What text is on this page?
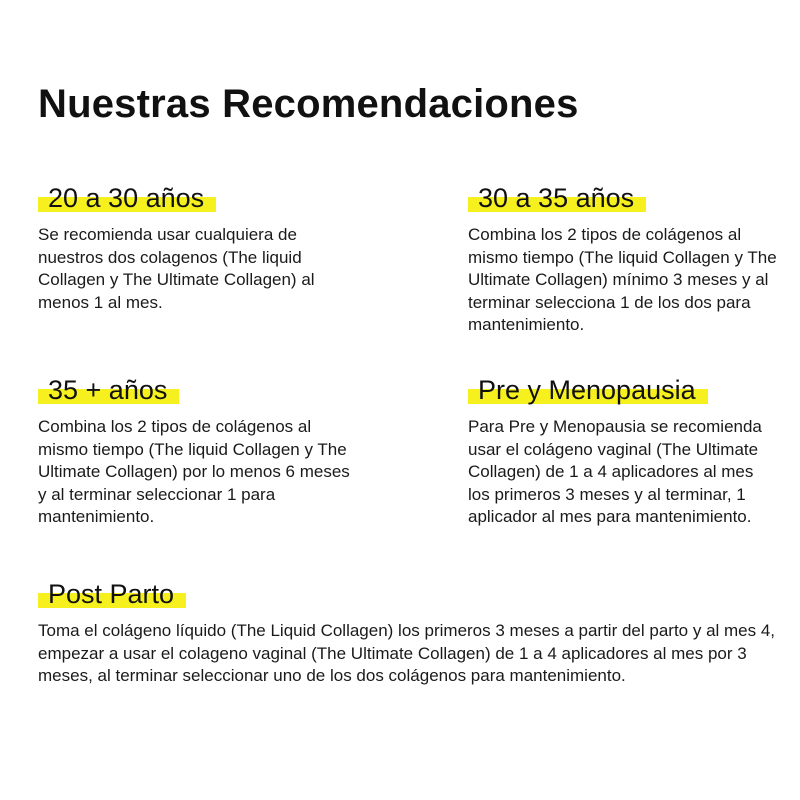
Nuestras Recomendaciones
20 a 30 años

Se recomienda usar cualquiera de nuestros dos colagenos (The liquid Collagen y The Ultimate Collagen) al menos 1 al mes.

30 a 35 años

Combina los 2 tipos de colágenos al mismo tiempo (The liquid Collagen y The Ultimate Collagen) mínimo 3 meses y al terminar selecciona 1 de los dos para mantenimiento.

35 + años

Combina los 2 tipos de colágenos al mismo tiempo (The liquid Collagen y The Ultimate Collagen) por lo menos 6 meses y al terminar seleccionar 1 para mantenimiento.

Pre y Menopausia

Para Pre y Menopausia se recomienda usar el colágeno vaginal (The Ultimate Collagen) de 1 a 4 aplicadores al mes los primeros 3 meses y al terminar, 1 aplicador al mes para mantenimiento.

Post Parto

Toma el colágeno líquido (The Liquid Collagen) los primeros 3 meses a partir del parto y al mes 4, empezar a usar el colageno vaginal (The Ultimate Collagen) de 1 a 4 aplicadores al mes por 3 meses, al terminar seleccionar uno de los dos colágenos para mantenimiento.
